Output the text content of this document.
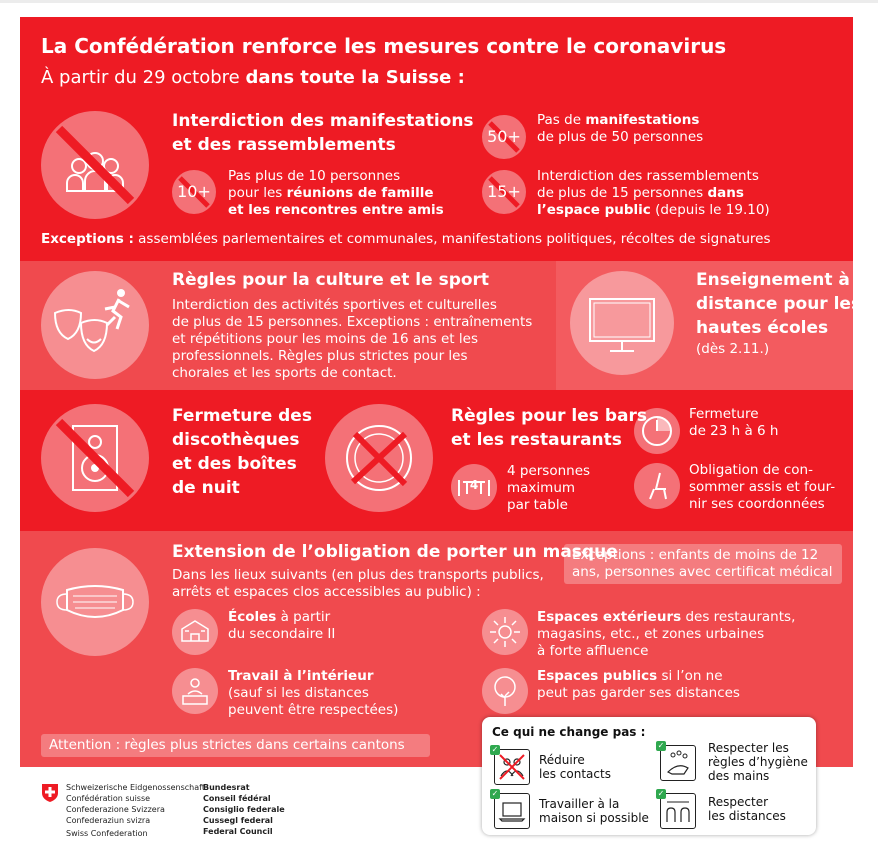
La Confédération renforce les mesures contre le coronavirus
À partir du 29 octobre dans toute la Suisse :
Interdiction des manifestations
et des rassemblements
10+
Pas plus de 10 personnes
pour les réunions de famille
et les rencontres entre amis
50+
Pas de manifestations
de plus de 50 personnes
15+
Interdiction des rassemblements
de plus de 15 personnes dans
l’espace public (depuis le 19.10)
Exceptions : assemblées parlementaires et communales, manifestations politiques, récoltes de signatures
Règles pour la culture et le sport
Interdiction des activités sportives et culturelles
de plus de 15 personnes. Exceptions : entraînements
et répétitions pour les moins de 16 ans et les
professionnels. Règles plus strictes pour les
chorales et les sports de contact.
Enseignement à
distance pour les
hautes écoles
(dès 2.11.)
Fermeture des
discothèques
et des boîtes
de nuit
Règles pour les bars
et les restaurants
4
4 personnes
maximum
par table
Fermeture
de 23 h à 6 h
Obligation de con-
sommer assis et four-
nir ses coordonnées
Extension de l’obligation de porter un masque
Exceptions : enfants de moins de 12
ans, personnes avec certificat médical
Dans les lieux suivants (en plus des transports publics,
arrêts et espaces clos accessibles au public) :
Écoles à partir
du secondaire II
Travail à l’intérieur
(sauf si les distances
peuvent être respectées)
Espaces extérieurs des restaurants,
magasins, etc., et zones urbaines
à forte affluence
Espaces publics si l’on ne
peut pas garder ses distances
Attention : règles plus strictes dans certains cantons
Ce qui ne change pas :
✓
Réduire
les contacts
✓	Respecter les
règles d’hygiène
des mains
✓
Travailler à la
maison si possible
✓
Respecter
les distances
Schweizerische Eidgenossenschaft
Confédération suisse
Confederazione Svizzera
Confederaziun svizra
Swiss Confederation
Bundesrat
Conseil fédéral
Consiglio federale
Cussegl federal
Federal Council
